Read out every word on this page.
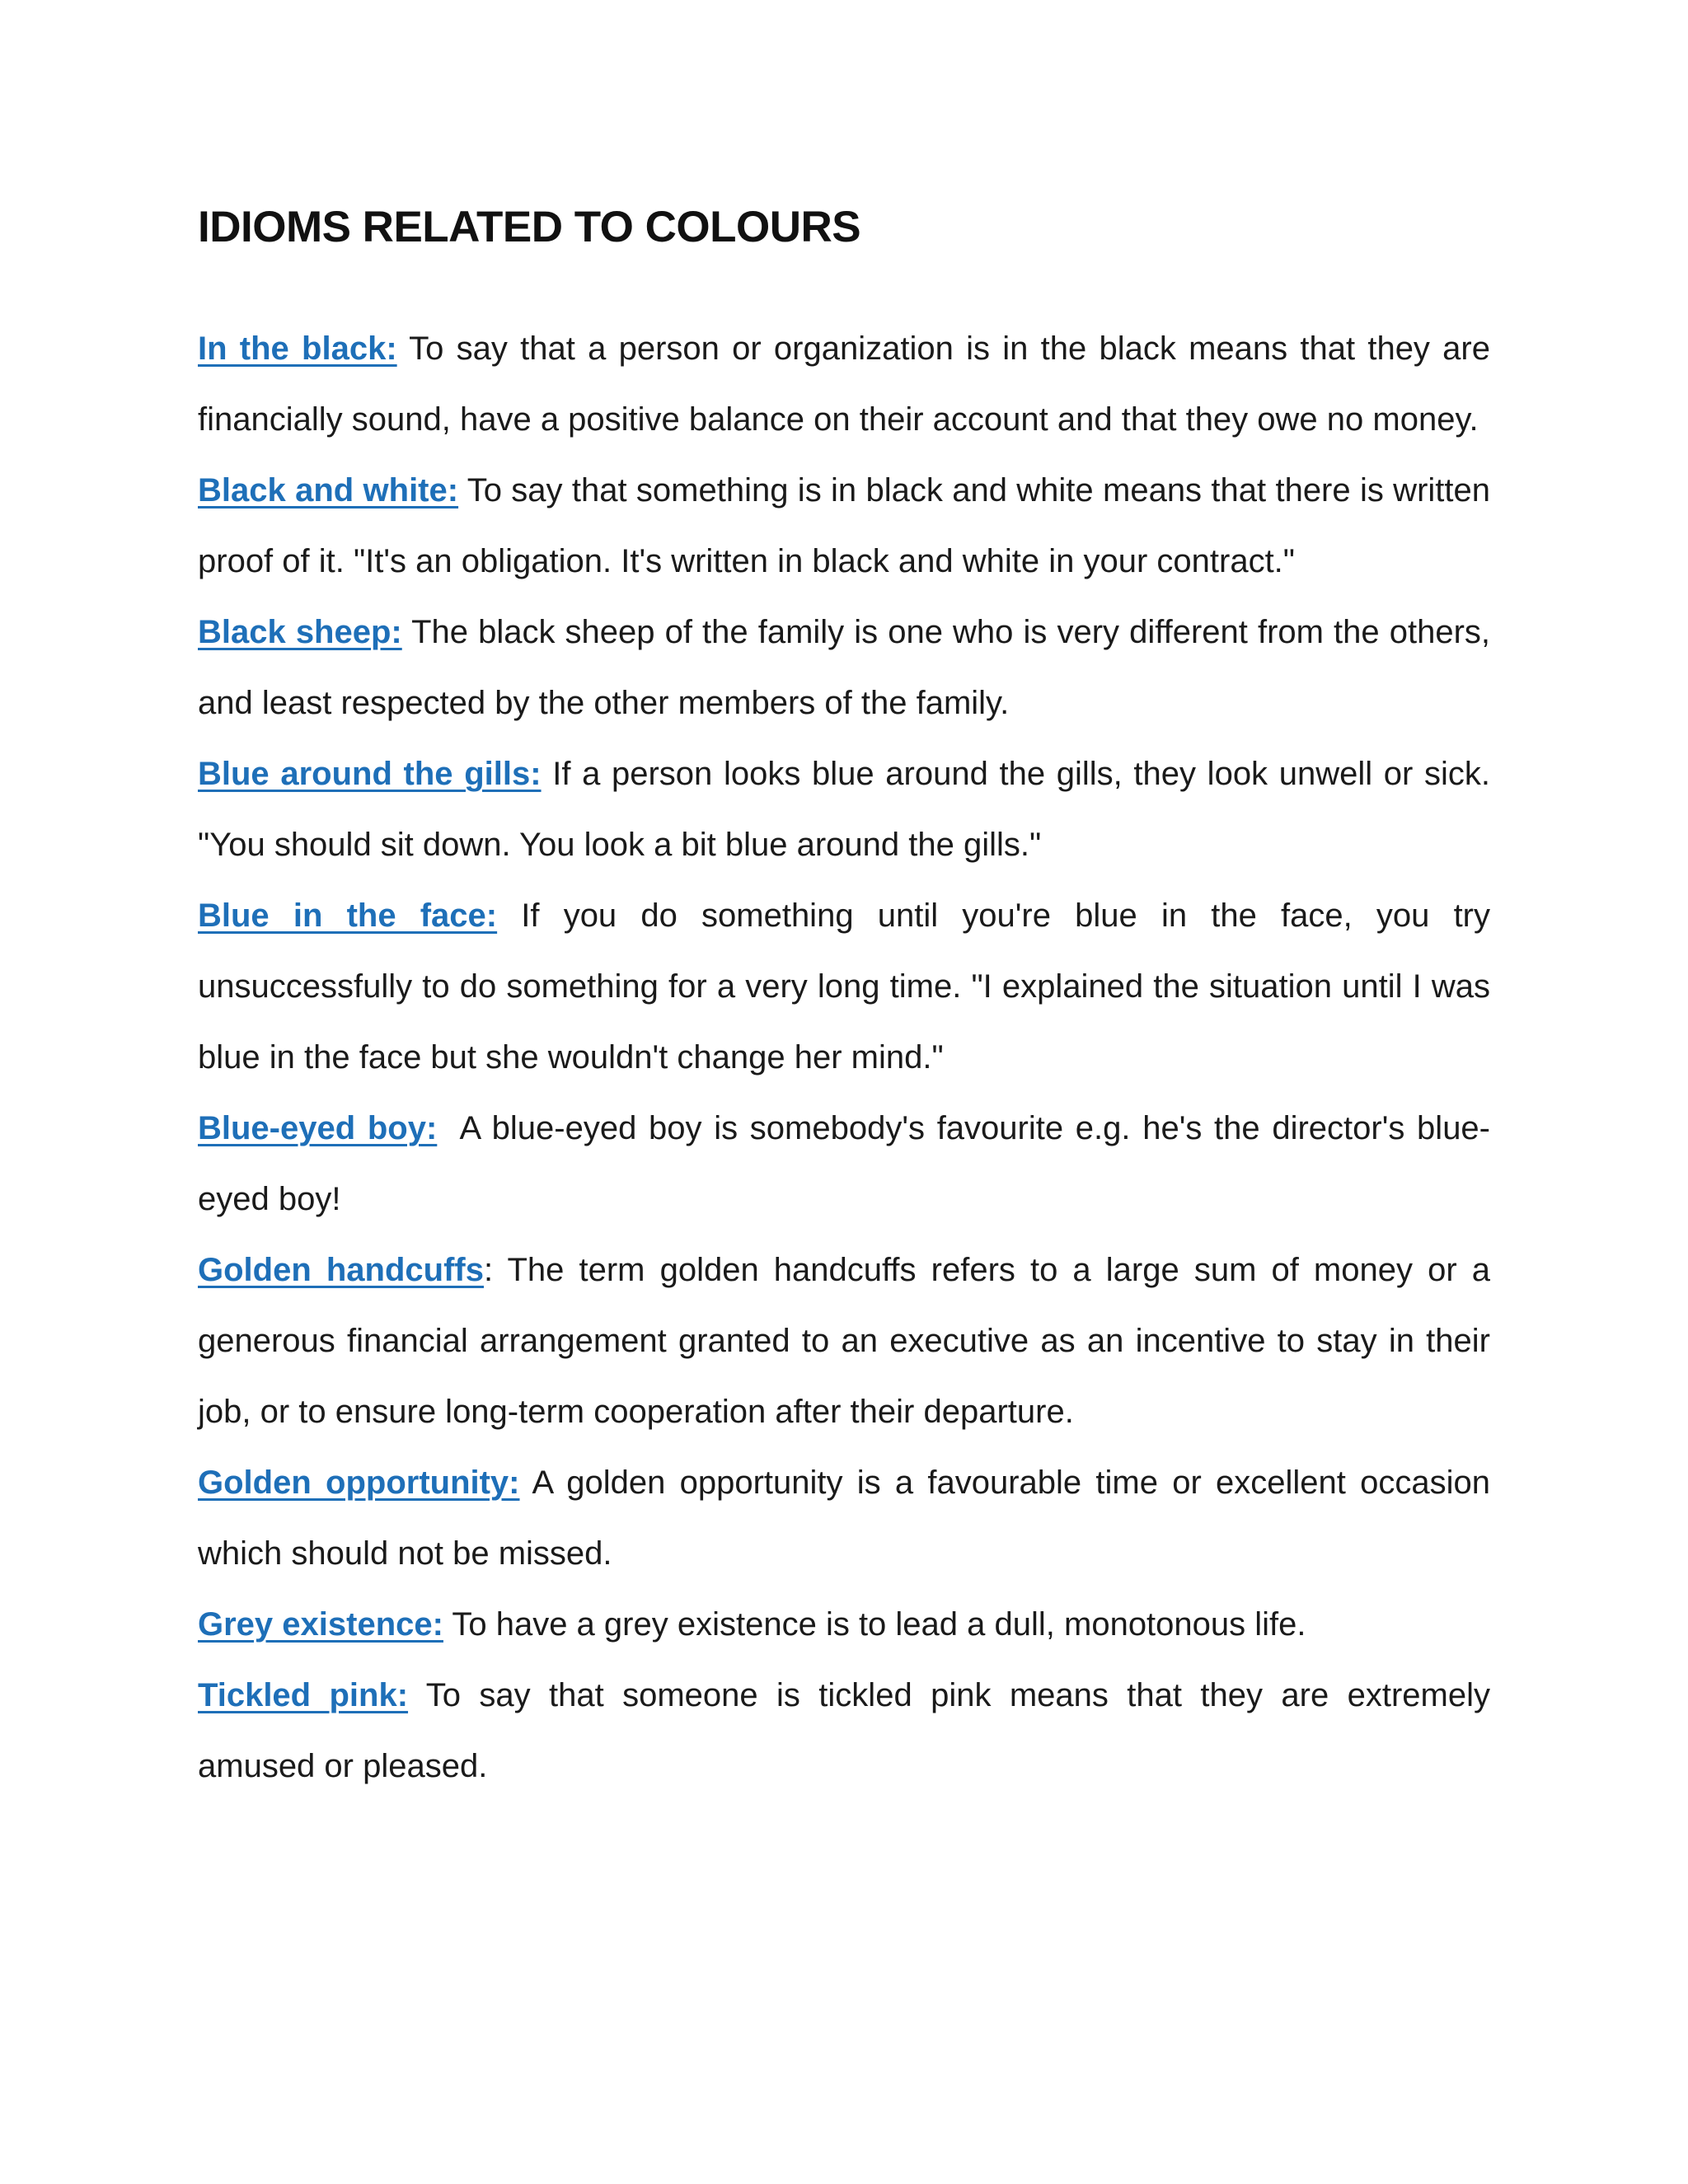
IDIOMS RELATED TO COLOURS

In the black: To say that a person or organization is in the black means that they are financially sound, have a positive balance on their account and that they owe no money.

Black and white: To say that something is in black and white means that there is written proof of it. "It's an obligation. It's written in black and white in your contract."

Black sheep: The black sheep of the family is one who is very different from the others, and least respected by the other members of the family.

Blue around the gills: If a person looks blue around the gills, they look unwell or sick. "You should sit down. You look a bit blue around the gills."

Blue in the face: If you do something until you're blue in the face, you try unsuccessfully to do something for a very long time. "I explained the situation until I was blue in the face but she wouldn't change her mind."

Blue-eyed boy:  A blue-eyed boy is somebody's favourite e.g. he's the director's blue-eyed boy!

Golden handcuffs: The term golden handcuffs refers to a large sum of money or a generous financial arrangement granted to an executive as an incentive to stay in their job, or to ensure long-term cooperation after their departure.

Golden opportunity: A golden opportunity is a favourable time or excellent occasion which should not be missed.

Grey existence: To have a grey existence is to lead a dull, monotonous life.

Tickled pink: To say that someone is tickled pink means that they are extremely amused or pleased.
